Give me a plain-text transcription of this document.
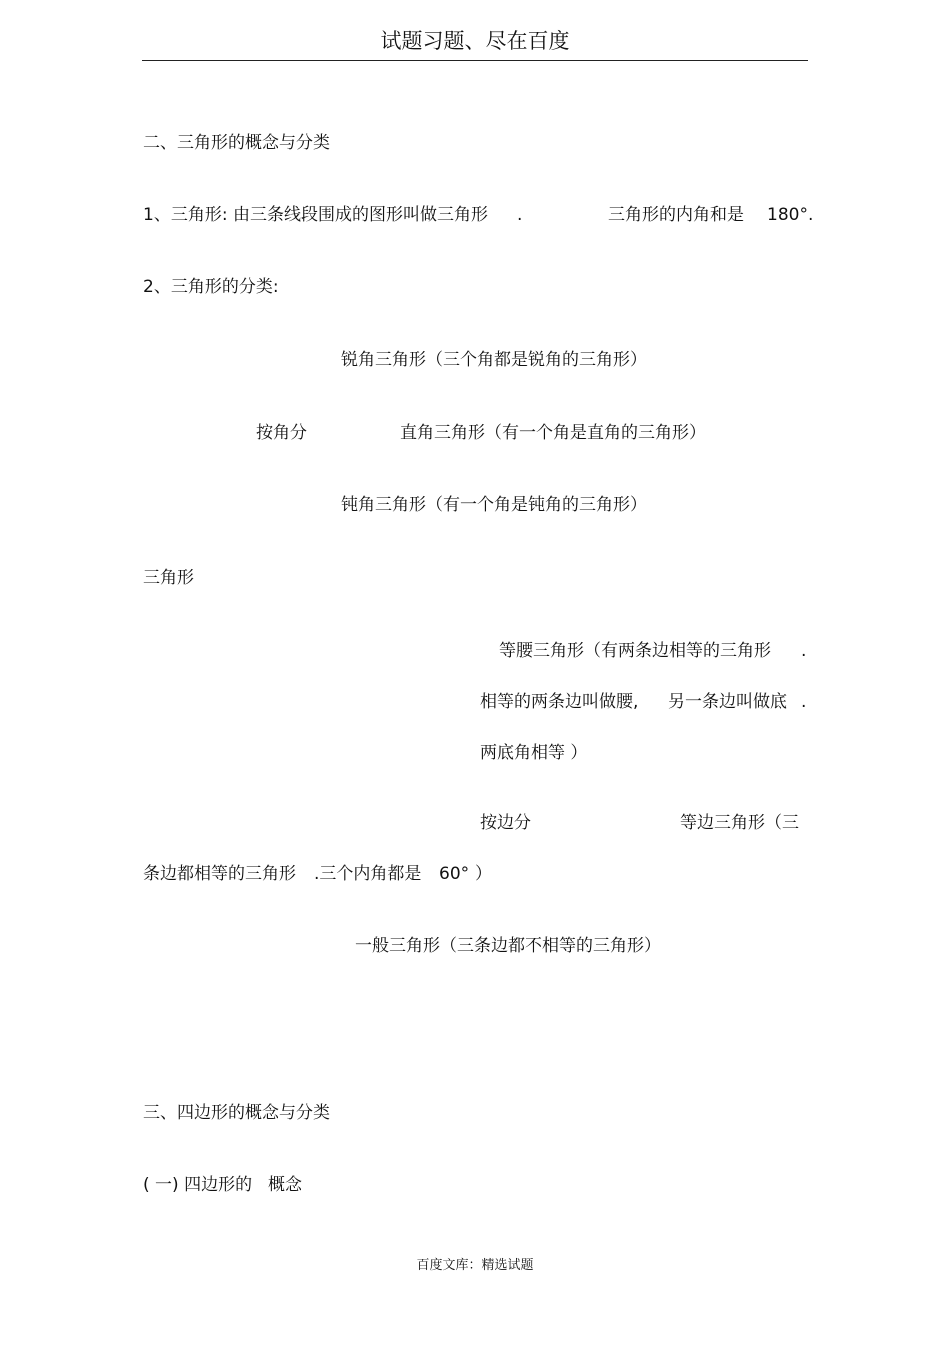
试题习题、尽在百度
二、三角形的概念与分类
1、三角形: 由三条线段围成的图形叫做三角形 .	三角形的内角和是 180°.
2、三角形的分类:
锐角三角形（三个角都是锐角的三角形）
按角分	直角三角形（有一个角是直角的三角形）
钝角三角形（有一个角是钝角的三角形）
三角形
等腰三角形（有两条边相等的三角形 .
相等的两条边叫做腰, 另一条边叫做底 .
两底角相等 ）
按边分	等边三角形（三
条边都相等的三角形 .三个内角都是 60° ）
一般三角形（三条边都不相等的三角形）
三、四边形的概念与分类
( 一) 四边形的 概念
百度文库：精选试题
